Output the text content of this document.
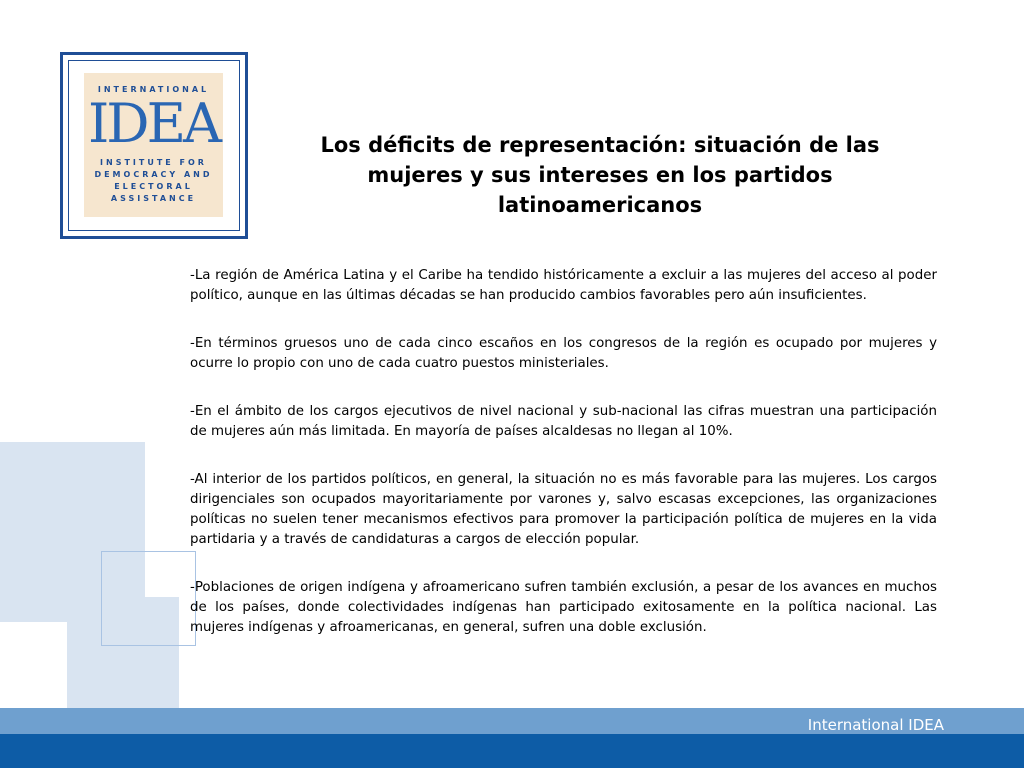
INTERNATIONAL
IDEA
INSTITUTE FOR
DEMOCRACY AND
ELECTORAL
ASSISTANCE
Los déficits de representación: situación de las mujeres y sus intereses en los partidos latinoamericanos

-La región de América Latina y el Caribe ha tendido históricamente a excluir a las mujeres del acceso al poder político, aunque en las últimas décadas se han producido cambios favorables pero aún insuficientes.

-En términos gruesos uno de cada cinco escaños en los congresos de la región es ocupado por mujeres y ocurre lo propio con uno de cada cuatro puestos ministeriales.

-En el ámbito de los cargos ejecutivos de nivel nacional y sub-nacional las cifras muestran una participación de mujeres aún más limitada. En mayoría de países alcaldesas no llegan al 10%.

-Al interior de los partidos políticos, en general, la situación no es más favorable para las mujeres. Los cargos dirigenciales son ocupados mayoritariamente por varones y, salvo escasas excepciones, las organizaciones políticas no suelen tener mecanismos efectivos para promover la participación política de mujeres en la vida partidaria y a través de candidaturas a cargos de elección popular.

-Poblaciones de origen indígena y afroamericano sufren también exclusión, a pesar de los avances en muchos de los países, donde colectividades indígenas han participado exitosamente en la política nacional. Las mujeres indígenas y afroamericanas, en general, sufren una doble exclusión.

International IDEA
